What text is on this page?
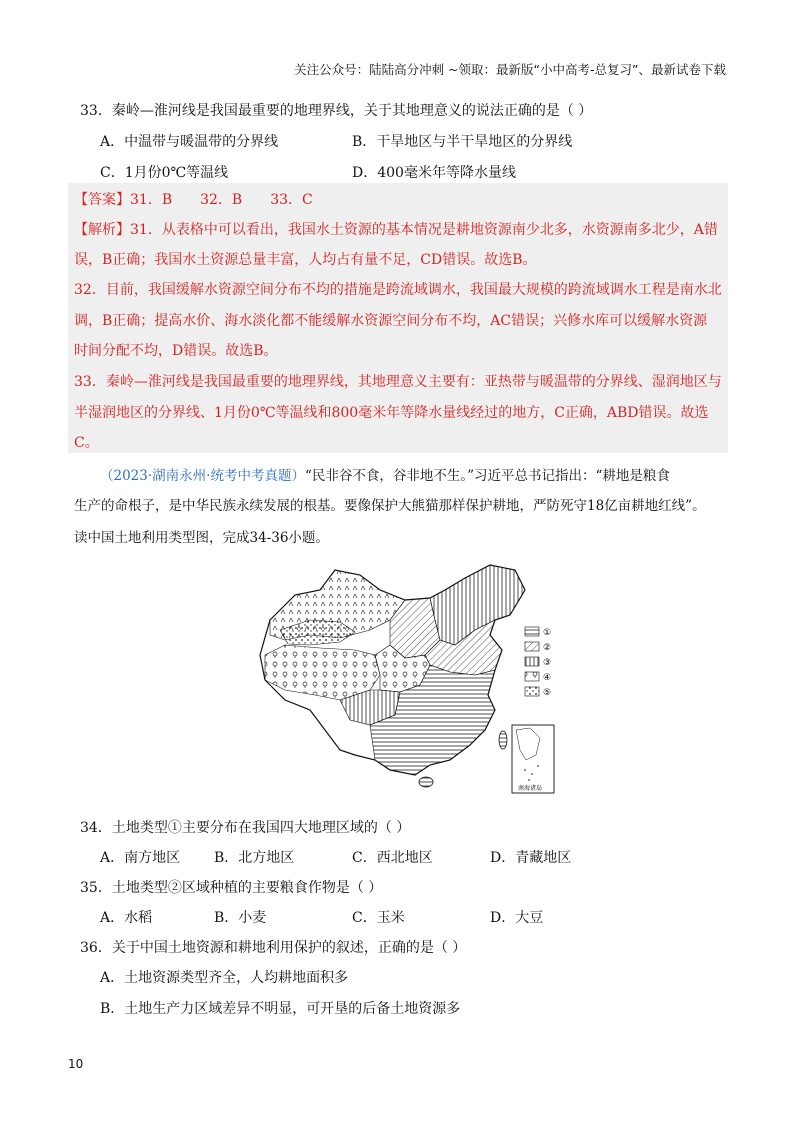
关注公众号：陆陆高分冲刺 ~领取：最新版“小中高考-总复习”、最新试卷下载
33．秦岭—淮河线是我国最重要的地理界线，关于其地理意义的说法正确的是（ ）
A．中温带与暖温带的分界线	B．干旱地区与半干旱地区的分界线
C．1月份0℃等温线	D．400毫米年等降水量线
【答案】31．B　　32．B　　33．C
【解析】31．从表格中可以看出，我国水土资源的基本情况是耕地资源南少北多，水资源南多北少，A错
误，B正确；我国水土资源总量丰富，人均占有量不足，CD错误。故选B。
32．目前，我国缓解水资源空间分布不均的措施是跨流域调水，我国最大规模的跨流域调水工程是南水北
调，B正确；提高水价、海水淡化都不能缓解水资源空间分布不均，AC错误；兴修水库可以缓解水资源
时间分配不均，D错误。故选B。
33．秦岭—淮河线是我国最重要的地理界线，其地理意义主要有：亚热带与暖温带的分界线、湿润地区与
半湿润地区的分界线、1月份0℃等温线和800毫米年等降水量线经过的地方，C正确，ABD错误。故选
C。
（2023·湖南永州·统考中考真题）“民非谷不食，谷非地不生。”习近平总书记指出：“耕地是粮食
生产的命根子，是中华民族永续发展的根基。要像保护大熊猫那样保护耕地，严防死守18亿亩耕地红线”。
读中国土地利用类型图，完成34-36小题。
①
②
③
④
⑤
南海诸岛
34．土地类型①主要分布在我国四大地理区域的（ ）
A．南方地区 B．北方地区	C．西北地区	D．青藏地区
35．土地类型②区域种植的主要粮食作物是（ ）
A．水稻	B．小麦	C．玉米	D．大豆
36．关于中国土地资源和耕地利用保护的叙述，正确的是（ ）
A．土地资源类型齐全，人均耕地面积多
B．土地生产力区域差异不明显，可开垦的后备土地资源多
10
